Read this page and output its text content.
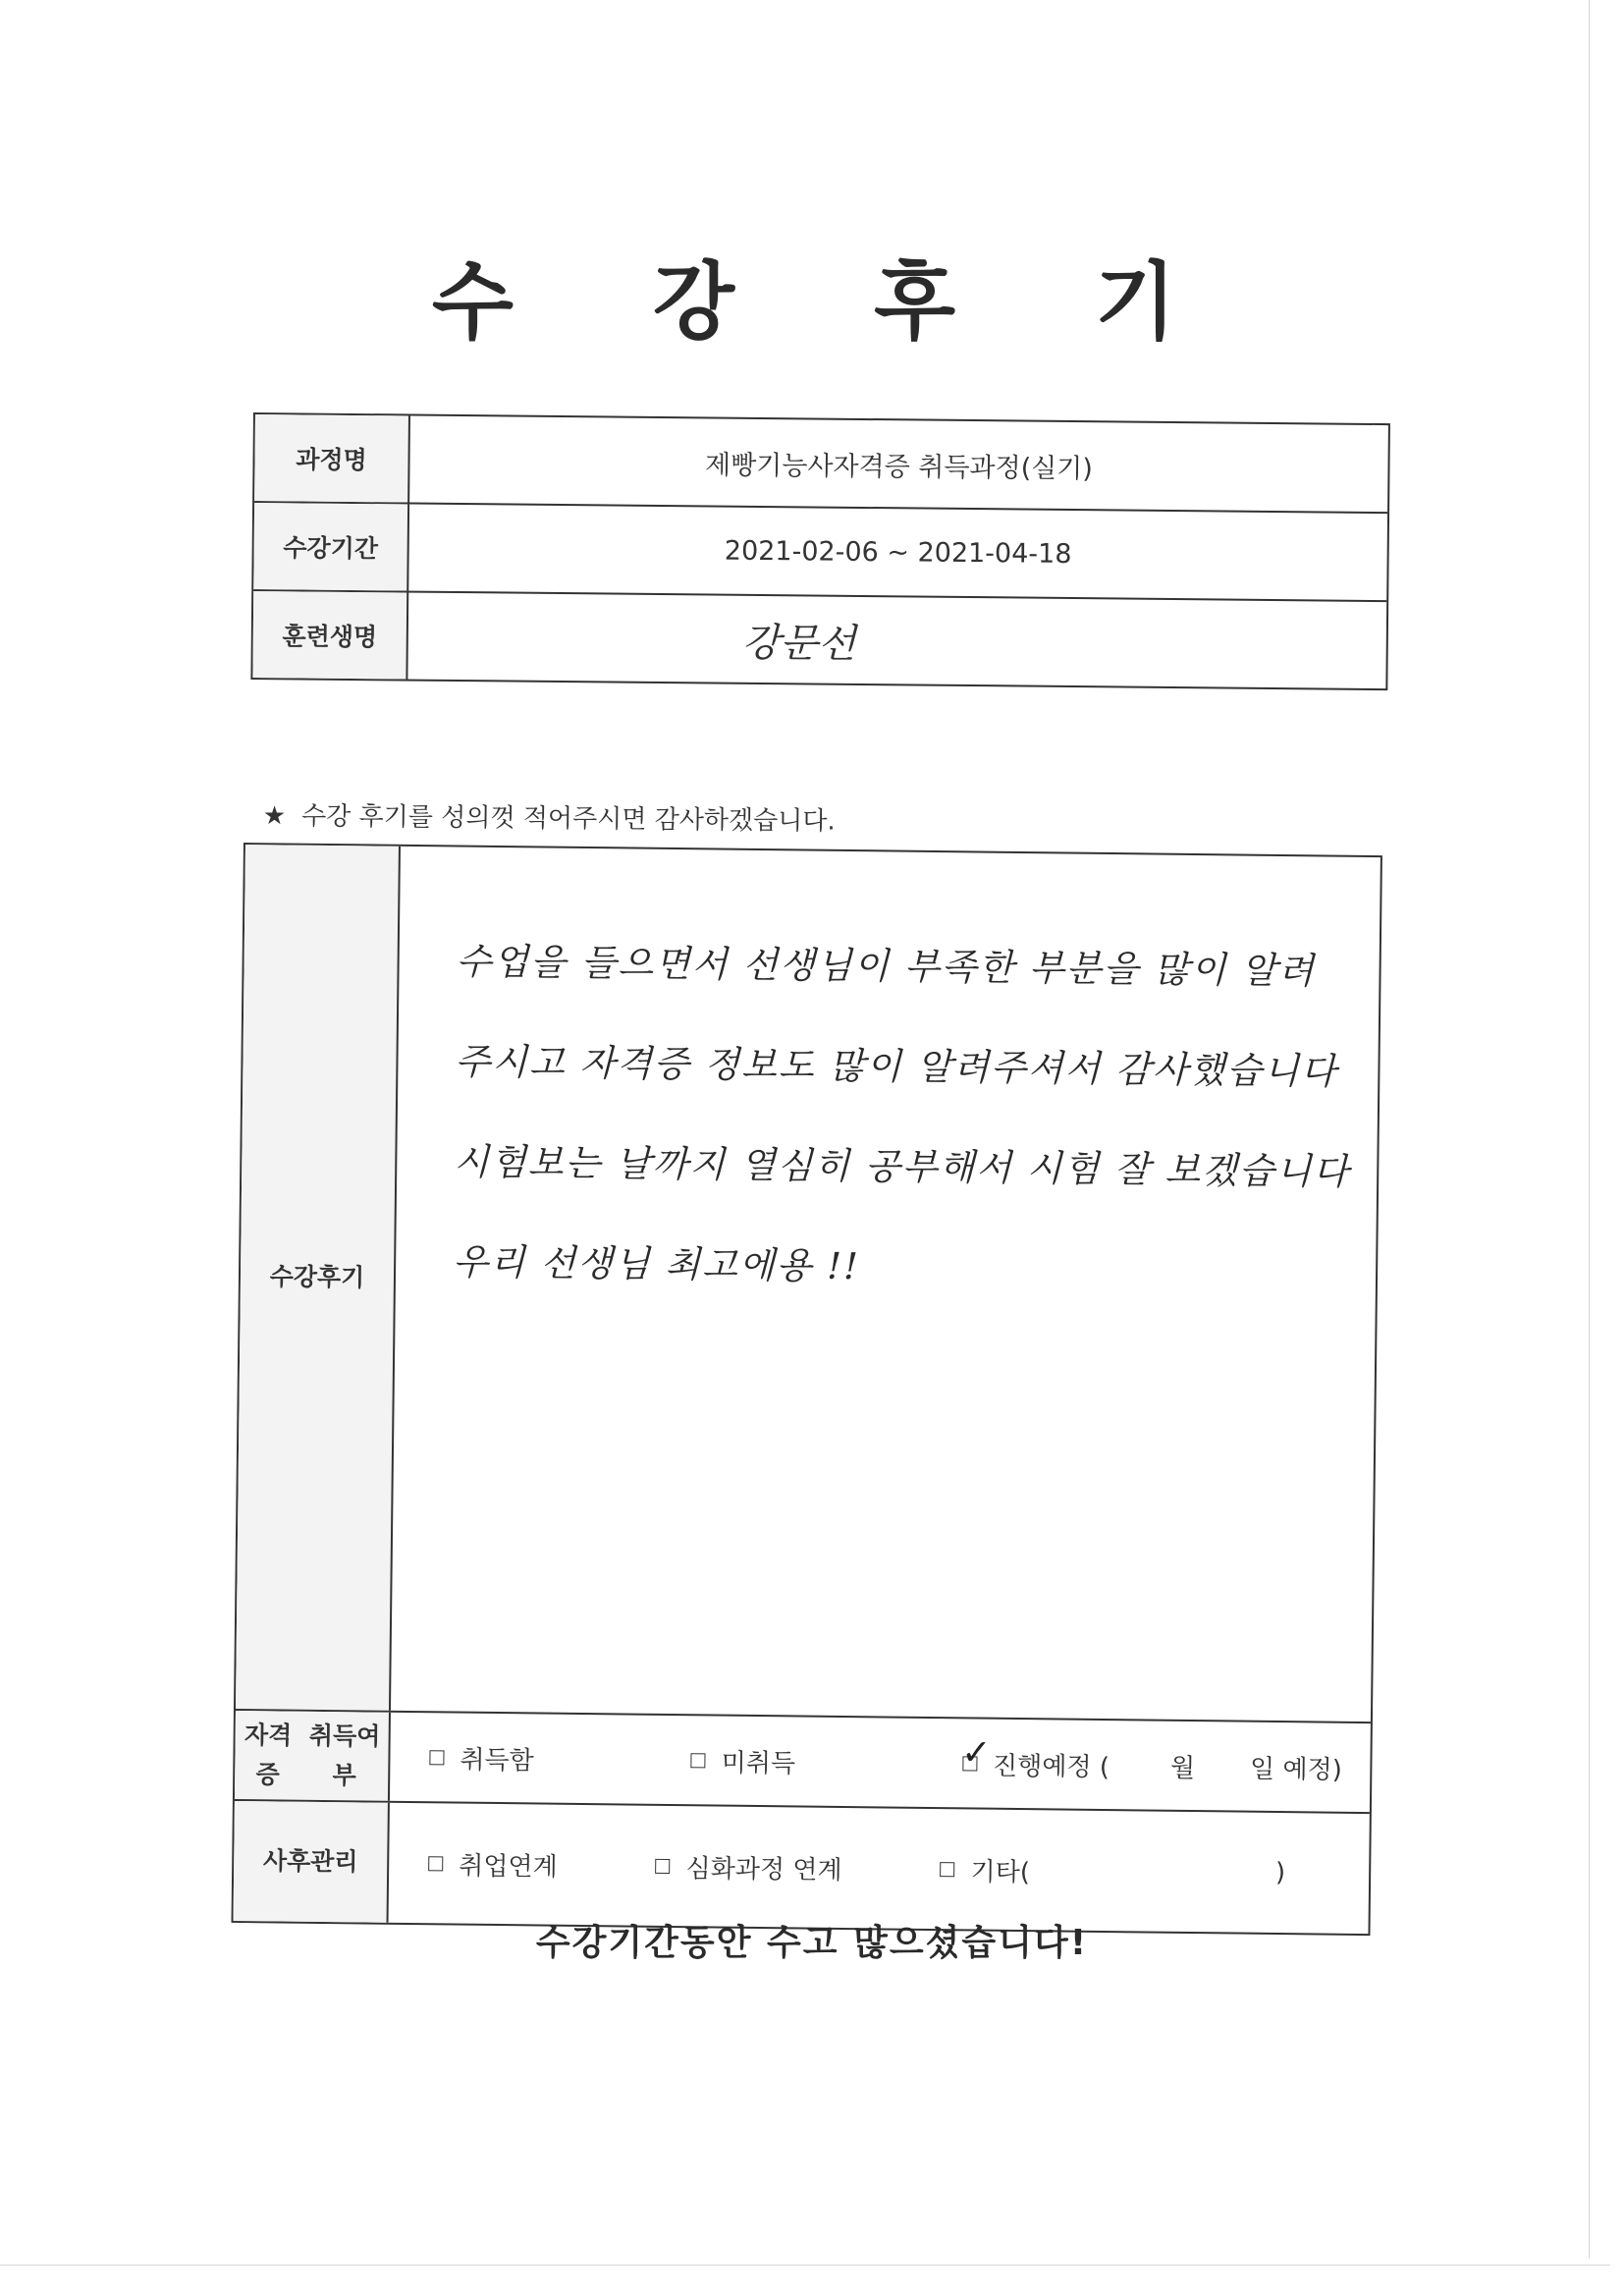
수 강 후 기
과정명	제빵기능사자격증 취득과정(실기)
수강기간	2021-02-06 ~ 2021-04-18
훈련생명	강문선
★ 수강 후기를 성의껏 적어주시면 감사하겠습니다.
수강후기
수업을 들으면서 선생님이 부족한 부분을 많이 알려
주시고 자격증 정보도 많이 알려주셔서 감사했습니다
시험보는 날까지 열심히 공부해서 시험 잘 보겠습니다
우리 선생님 최고에용 !!
자격증

취득여부	취득함	미취득	✓ 진행예정 ( 월 일 예정)
사후관리	취업연계	심화과정 연계	기타(	)
수강기간동안 수고 많으셨습니다!
